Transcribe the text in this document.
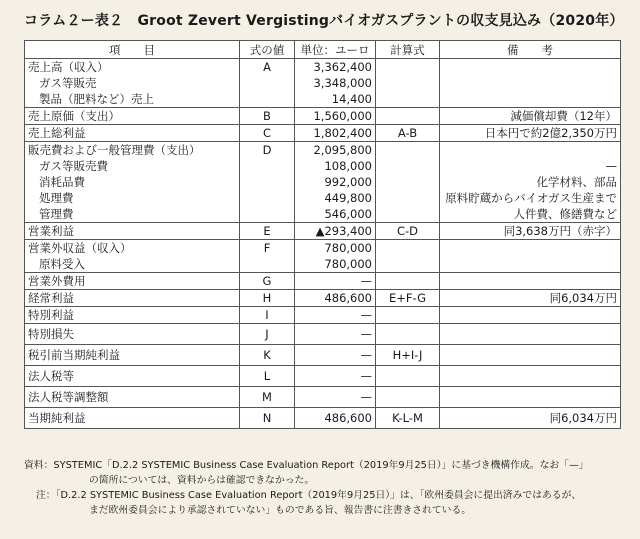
コラム２ー表２　Groot Zevert Vergistingバイオガスプラントの収支見込み（2020年）
項　　目	式の値	単位：ユーロ	計算式	備　　考
売上高（収入）	A	3,362,400		
ガス等販売		3,348,000		
製品（肥料など）売上		14,400		
売上原価（支出）	B	1,560,000		減価償却費（12年）
売上総利益	C	1,802,400	A-B	日本円で約2億2,350万円
販売費および一般管理費（支出）	D	2,095,800		
ガス等販売費		108,000		—
消耗品費		992,000		化学材料、部品
処理費		449,800		原料貯蔵からバイオガス生産まで
管理費		546,000		人件費、修繕費など
営業利益	E	▲293,400	C-D	同3,638万円（赤字）
営業外収益（収入）	F	780,000		
原料受入		780,000		
営業外費用	G	—		
経常利益	H	486,600	E+F-G	同6,034万円
特別利益	I	—		
特別損失	J	—		
税引前当期純利益	K	—	H+I-J	
法人税等	L	—		
法人税等調整額	M	—		
当期純利益	N	486,600	K-L-M	同6,034万円
資料：SYSTEMIC「D.2.2 SYSTEMIC Business Case Evaluation Report（2019年9月25日）」に基づき機構作成。なお「—」
の箇所については、資料からは確認できなかった。
注：「D.2.2 SYSTEMIC Business Case Evaluation Report（2019年9月25日）」は、「欧州委員会に提出済みではあるが、
まだ欧州委員会により承認されていない」ものである旨、報告書に注書きされている。
